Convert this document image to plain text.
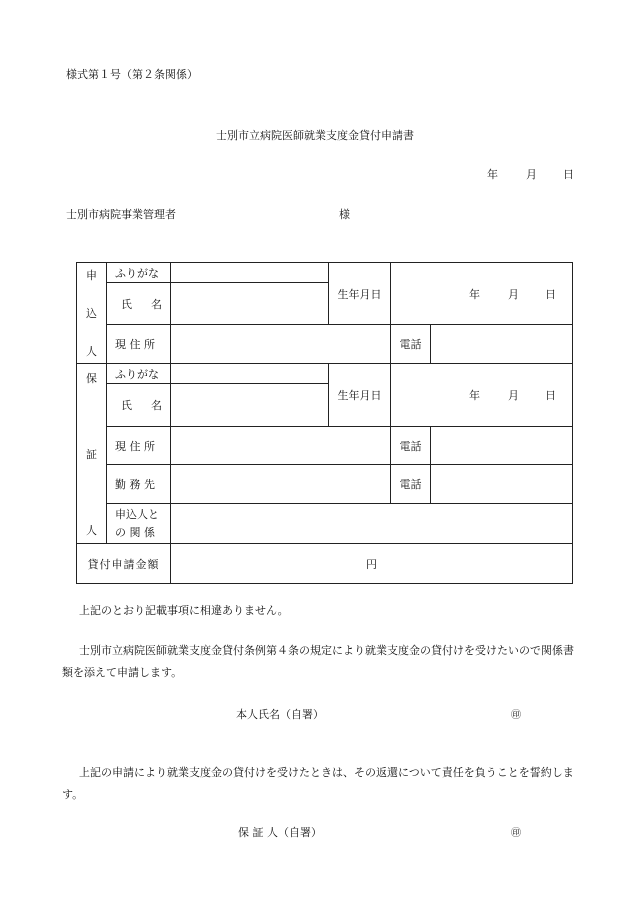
様式第１号（第２条関係）
士別市立病院医師就業支度金貸付申請書
年	月 日
士別市病院事業管理者	様
申
込
人	ふりがな		生年月日	年 月 日	

	氏 名				

	現 住 所			電話	

保
証
人	ふりがな		生年月日	年 月 日	

	氏 名				

	現 住 所			電話	
	勤 務 先			電話	

	申込人と
の 関 係				

貸付申請金額		円			
上記のとおり記載事項に相違ありません。
士別市立病院医師就業支度金貸付条例第４条の規定により就業支度金の貸付けを受けたいので関係書類を添えて申請します。
本人氏名（自署）	㊞
上記の申請により就業支度金の貸付けを受けたときは、その返還について責任を負うことを誓約します。
保 証 人（自署）	㊞
